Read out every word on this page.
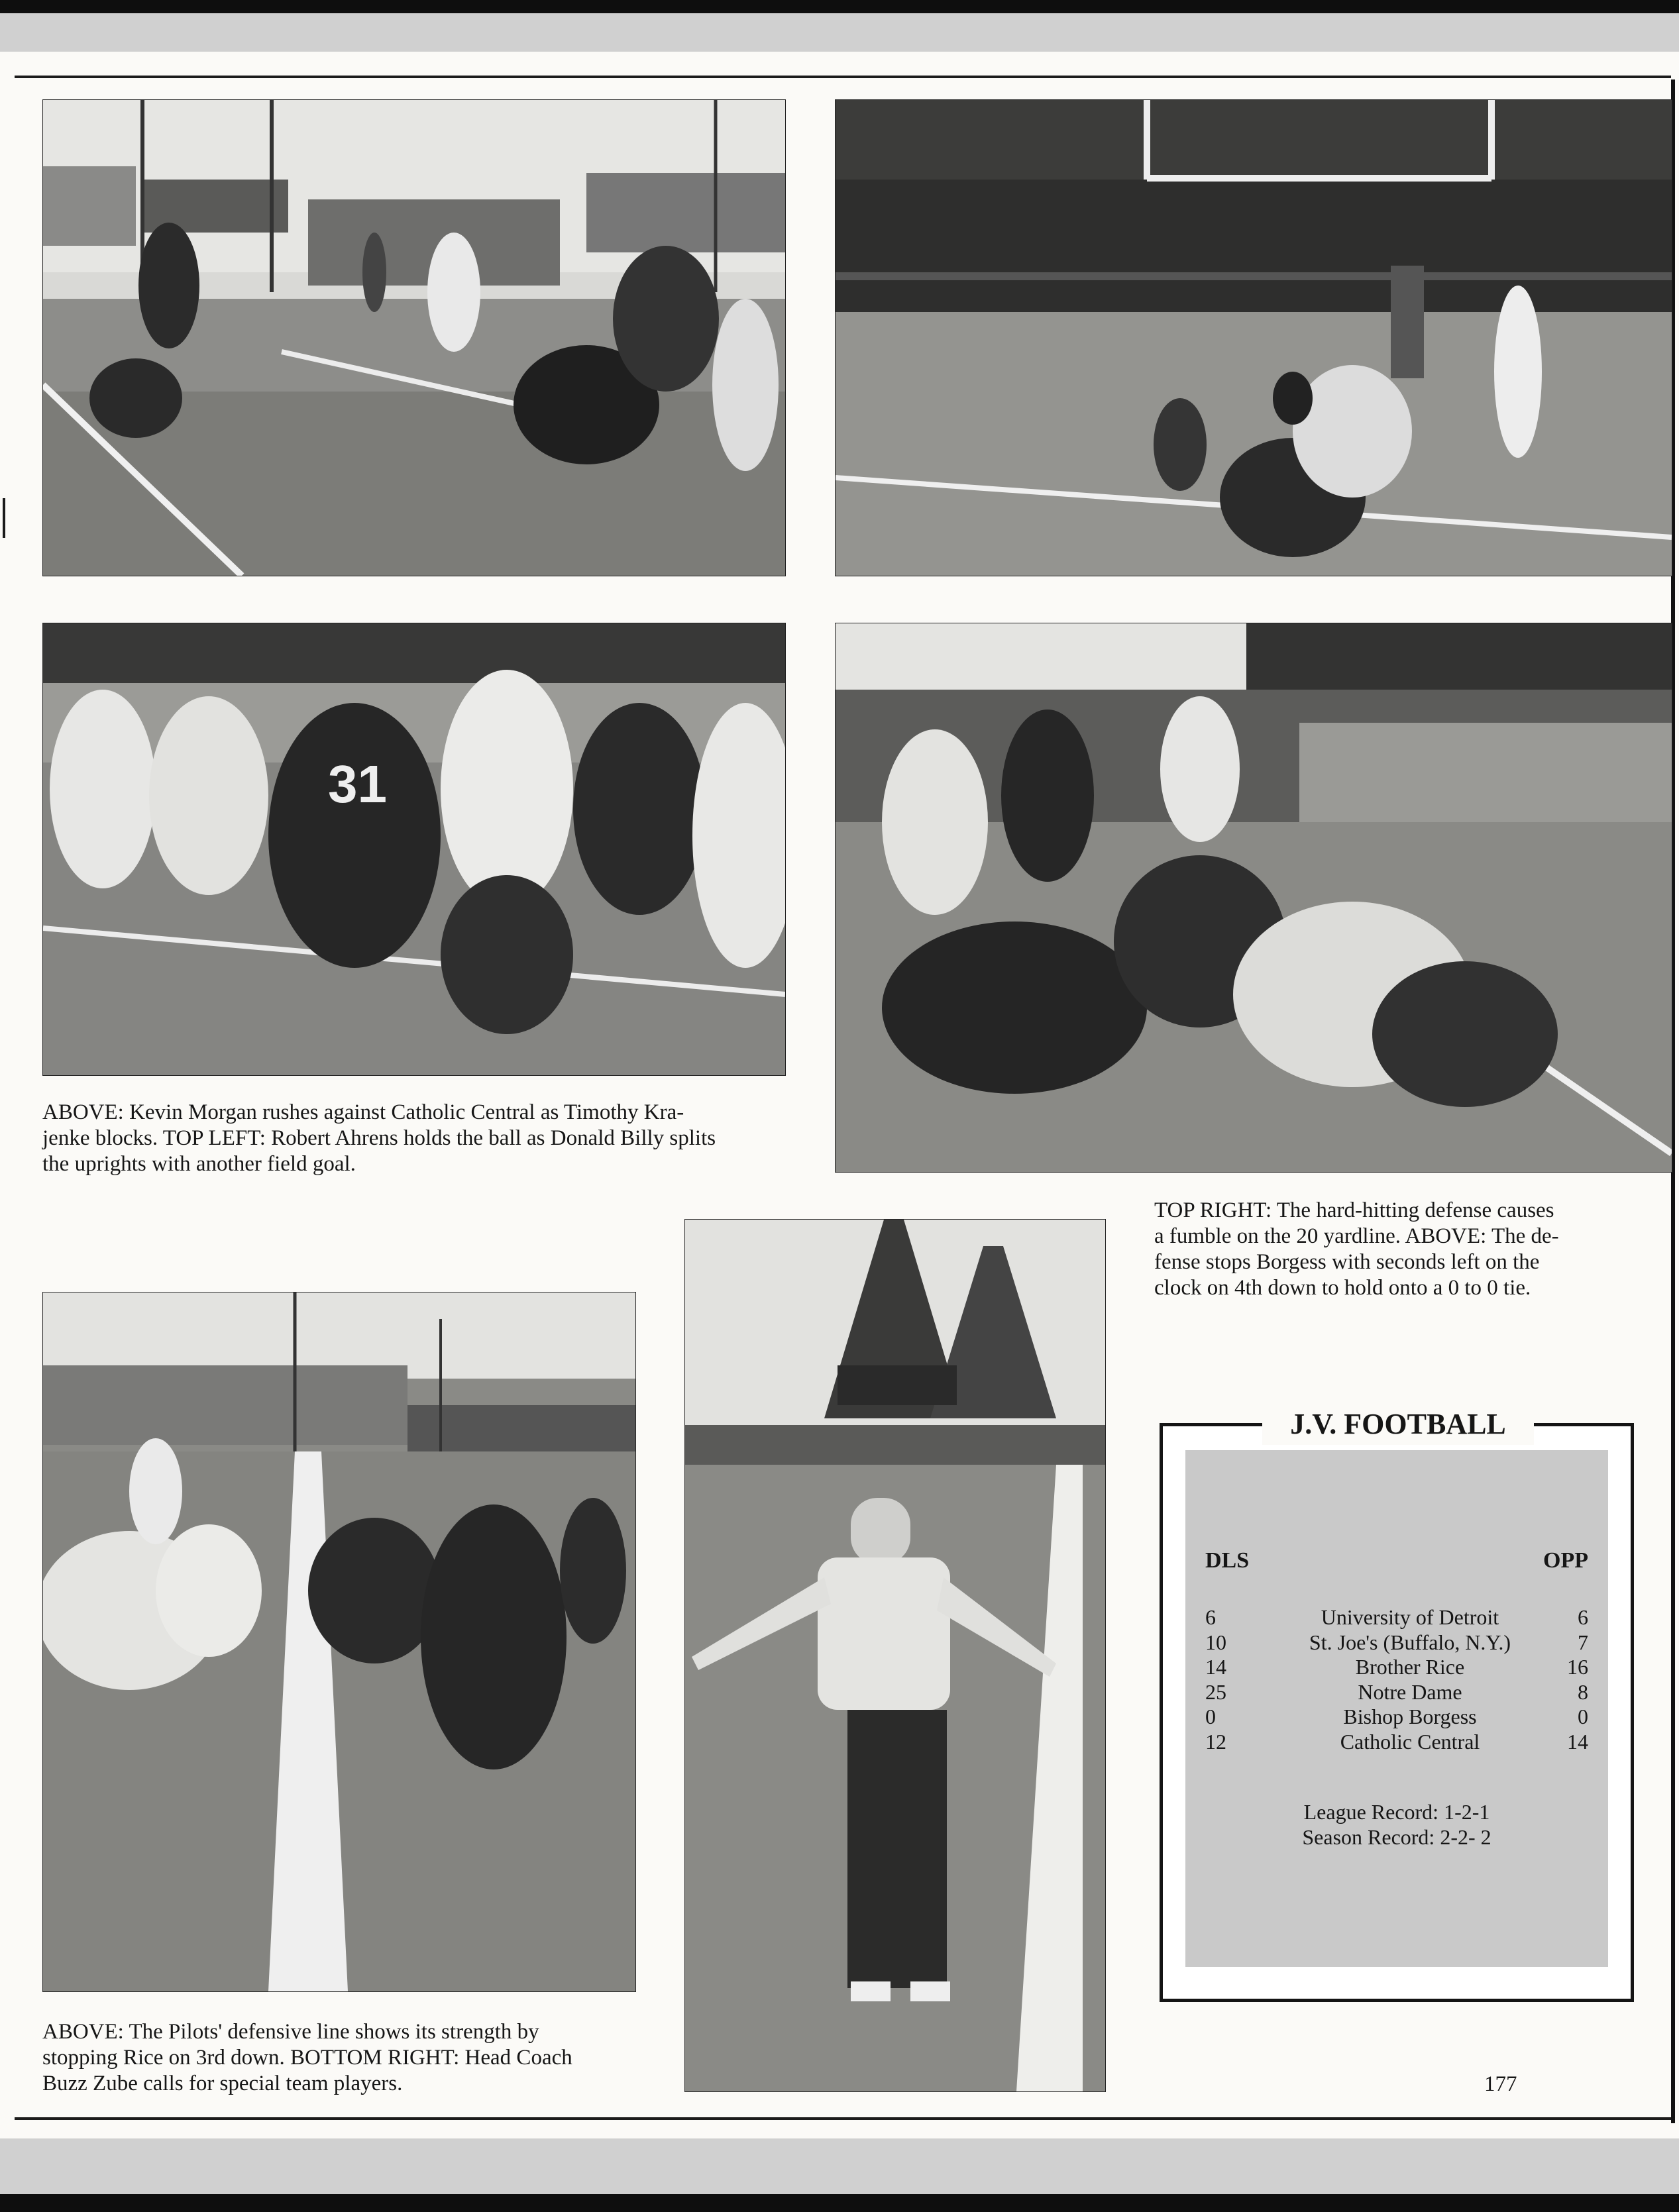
31
ABOVE: Kevin Morgan rushes against Catholic Central as Timothy Kra-
jenke blocks. TOP LEFT: Robert Ahrens holds the ball as Donald Billy splits
the uprights with another field goal.
TOP RIGHT: The hard-hitting defense causes
a fumble on the 20 yardline. ABOVE: The de-
fense stops Borgess with seconds left on the
clock on 4th down to hold onto a 0 to 0 tie.
ABOVE: The Pilots' defensive line shows its strength by
stopping Rice on 3rd down. BOTTOM RIGHT: Head Coach
Buzz Zube calls for special team players.
J.V. FOOTBALL
DLS	OPP
6	University of Detroit	6
10	St. Joe's (Buffalo, N.Y.)	7
14	Brother Rice	16
25	Notre Dame	8
0	Bishop Borgess	0
12	Catholic Central	14
League Record: 1-2-1
Season Record: 2-2- 2
177
